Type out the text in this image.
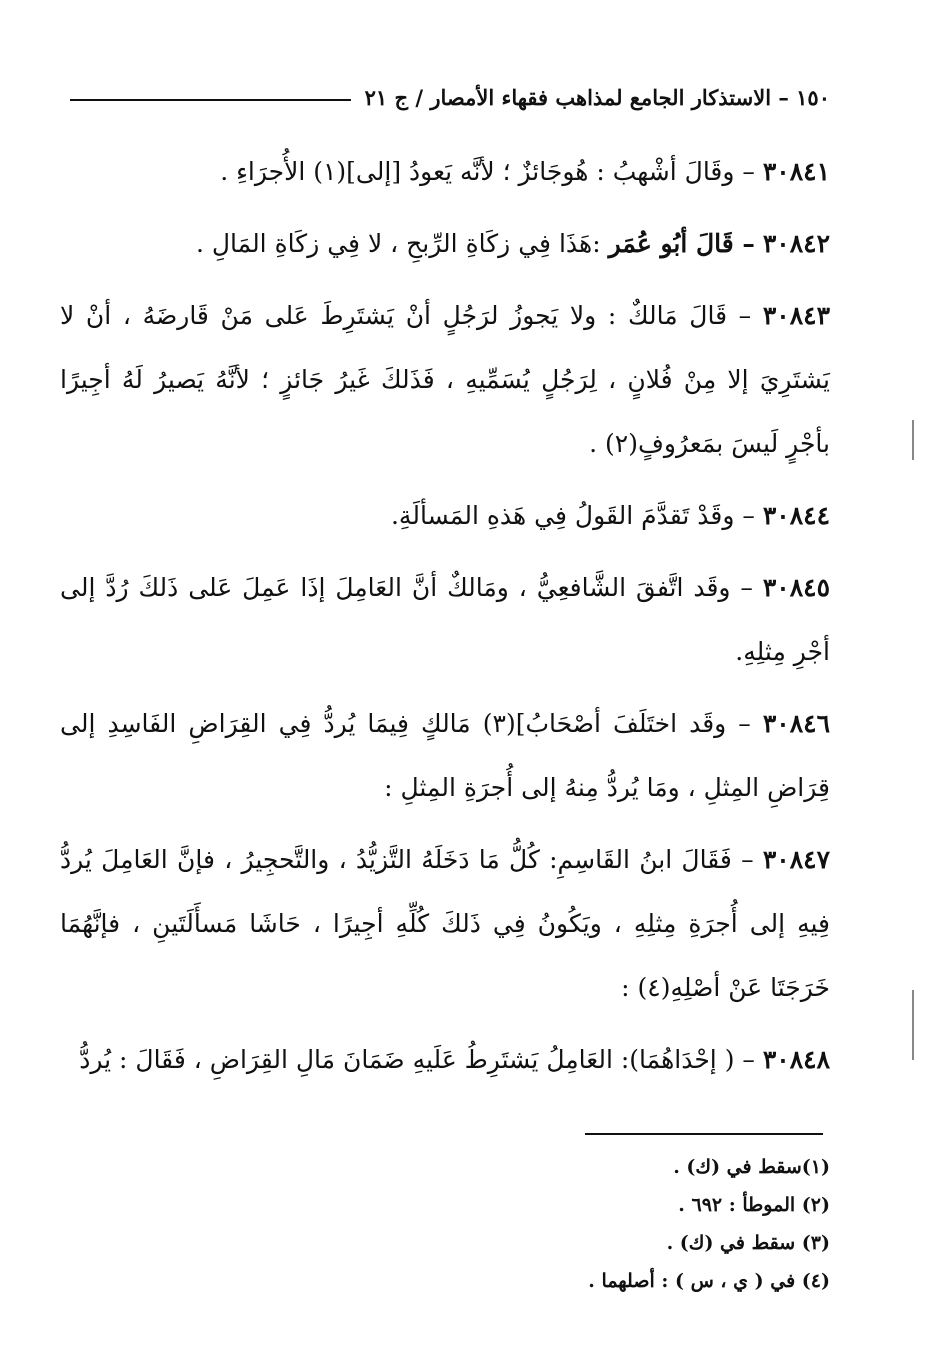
١٥٠ – الاستذكار الجامع لمذاهب فقهاء الأمصار / ج ٢١

٣٠٨٤١ – وقَالَ أشْهبُ : هُوجَائزٌ ؛ لأنَّه يَعودُ [إلى](١) الأُجرَاءِ .

٣٠٨٤٢ – قَالَ أبُو عُمَر :هَذَا فِي زكَاةِ الرِّبحِ ، لا فِي زكَاةِ المَالِ .

٣٠٨٤٣ – قَالَ مَالكٌ : ولا يَجوزُ لرَجُلٍ أنْ يَشتَرِطَ عَلى مَنْ قَارضَهُ ، أنْ لا يَشتَرِيَ إلا مِنْ فُلانٍ ، لِرَجُلٍ يُسَمِّيهِ ، فَذَلكَ غَيرُ جَائزٍ ؛ لأنَّهُ يَصيرُ لَهُ أجِيرًا بأجْرٍ لَيسَ بمَعرُوفٍ(٢) .

٣٠٨٤٤ – وقَدْ تَقدَّمَ القَولُ فِي هَذهِ المَسألَةِ.

٣٠٨٤٥ – وقَد اتَّفقَ الشَّافعِيُّ ، ومَالكٌ أنَّ العَامِلَ إذَا عَمِلَ عَلى ذَلكَ رُدَّ إلى أجْرِ مِثلِهِ.

٣٠٨٤٦ – وقَد اختَلَفَ أصْحَابُ](٣) مَالكٍ فِيمَا يُردُّ فِي القِرَاضِ الفَاسِدِ إلى قِرَاضِ المِثلِ ، ومَا يُردُّ مِنهُ إلى أُجرَةِ المِثلِ :

٣٠٨٤٧ – فَقَالَ ابنُ القَاسِمِ: كُلُّ مَا دَخَلَهُ التَّزيُّدُ ، والتَّحجِيرُ ، فإنَّ العَامِلَ يُردُّ فِيهِ إلى أُجرَةِ مِثلِهِ ، ويَكُونُ فِي ذَلكَ كُلِّهِ أجِيرًا ، حَاشَا مَسأَلَتَينِ ، فإنَّهُمَا خَرَجَتَا عَنْ أصْلِهِ(٤) :

٣٠٨٤٨ – ( إحْدَاهُمَا): العَامِلُ يَشتَرِطُ عَلَيهِ ضَمَانَ مَالِ القِرَاضِ ، فَقَالَ : يُردُّ

(١)سقط في (ك) .

(٢) الموطأ : ٦٩٢ .

(٣) سقط في (ك) .

(٤) في ( ي ، س ) : أصلهما .
